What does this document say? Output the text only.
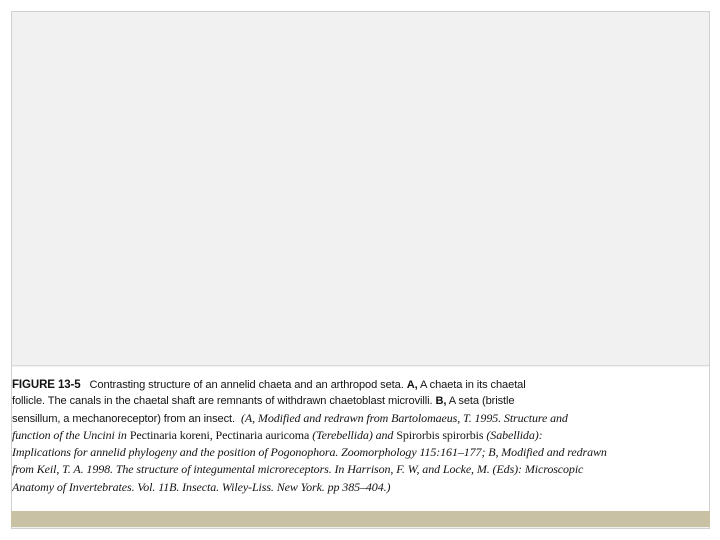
FIGURE 13-5 Contrasting structure of an annelid chaeta and an arthropod seta. A, A chaeta in its chaetal
follicle. The canals in the chaetal shaft are remnants of withdrawn chaetoblast microvilli. B, A seta (bristle
sensillum, a mechanoreceptor) from an insect. (A, Modified and redrawn from Bartolomaeus, T. 1995. Structure and
function of the Uncini in Pectinaria koreni, Pectinaria auricoma (Terebellida) and Spirorbis spirorbis (Sabellida):
Implications for annelid phylogeny and the position of Pogonophora. Zoomorphology 115:161–177; B, Modified and redrawn
from Keil, T. A. 1998. The structure of integumental microreceptors. In Harrison, F. W, and Locke, M. (Eds): Microscopic
Anatomy of Invertebrates. Vol. 11B. Insecta. Wiley-Liss. New York. pp 385–404.)
